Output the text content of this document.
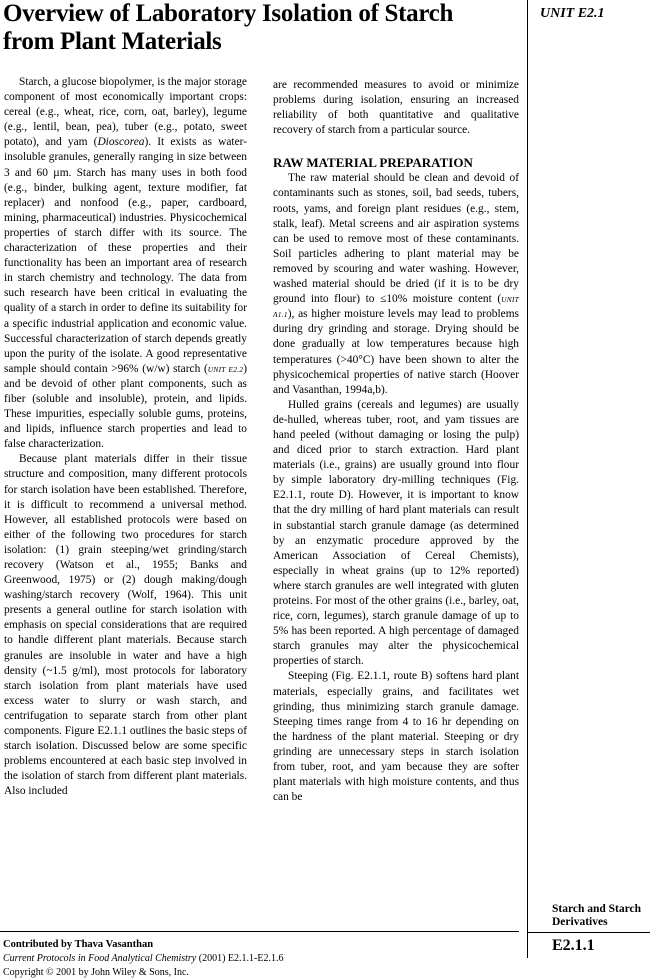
Overview of Laboratory Isolation of Starch from Plant Materials
UNIT E2.1

Starch, a glucose biopolymer, is the major storage component of most economically important crops: cereal (e.g., wheat, rice, corn, oat, barley), legume (e.g., lentil, bean, pea), tuber (e.g., potato, sweet potato), and yam (Dioscorea). It exists as water-insoluble granules, generally ranging in size between 3 and 60 µm. Starch has many uses in both food (e.g., binder, bulking agent, texture modifier, fat replacer) and nonfood (e.g., paper, cardboard, mining, pharmaceutical) industries. Physicochemical properties of starch differ with its source. The characterization of these properties and their functionality has been an important area of research in starch chemistry and technology. The data from such research have been critical in evaluating the quality of a starch in order to define its suitability for a specific industrial application and economic value. Successful characterization of starch depends greatly upon the purity of the isolate. A good representative sample should contain >96% (w/w) starch (UNIT E2.2) and be devoid of other plant components, such as fiber (soluble and insoluble), protein, and lipids. These impurities, especially soluble gums, proteins, and lipids, influence starch properties and lead to false characterization.

Because plant materials differ in their tissue structure and composition, many different protocols for starch isolation have been established. Therefore, it is difficult to recommend a universal method. However, all established protocols were based on either of the following two procedures for starch isolation: (1) grain steeping/wet grinding/starch recovery (Watson et al., 1955; Banks and Greenwood, 1975) or (2) dough making/dough washing/starch recovery (Wolf, 1964). This unit presents a general outline for starch isolation with emphasis on special considerations that are required to handle different plant materials. Because starch granules are insoluble in water and have a high density (~1.5 g/ml), most protocols for laboratory starch isolation from plant materials have used excess water to slurry or wash starch, and centrifugation to separate starch from other plant components. Figure E2.1.1 outlines the basic steps of starch isolation. Discussed below are some specific problems encountered at each basic step involved in the isolation of starch from different plant materials. Also included

are recommended measures to avoid or minimize problems during isolation, ensuring an increased reliability of both quantitative and qualitative recovery of starch from a particular source.

RAW MATERIAL PREPARATION

The raw material should be clean and devoid of contaminants such as stones, soil, bad seeds, tubers, roots, yams, and foreign plant residues (e.g., stem, stalk, leaf). Metal screens and air aspiration systems can be used to remove most of these contaminants. Soil particles adhering to plant material may be removed by scouring and water washing. However, washed material should be dried (if it is to be dry ground into flour) to ≤10% moisture content (UNIT A1.1), as higher moisture levels may lead to problems during dry grinding and storage. Drying should be done gradually at low temperatures because high temperatures (>40°C) have been shown to alter the physicochemical properties of native starch (Hoover and Vasanthan, 1994a,b).

Hulled grains (cereals and legumes) are usually de-hulled, whereas tuber, root, and yam tissues are hand peeled (without damaging or losing the pulp) and diced prior to starch extraction. Hard plant materials (i.e., grains) are usually ground into flour by simple laboratory dry-milling techniques (Fig. E2.1.1, route D). However, it is important to know that the dry milling of hard plant materials can result in substantial starch granule damage (as determined by an enzymatic procedure approved by the American Association of Cereal Chemists), especially in wheat grains (up to 12% reported) where starch granules are well integrated with gluten proteins. For most of the other grains (i.e., barley, oat, rice, corn, legumes), starch granule damage of up to 5% has been reported. A high percentage of damaged starch granules may alter the physicochemical properties of starch.

Steeping (Fig. E2.1.1, route B) softens hard plant materials, especially grains, and facilitates wet grinding, thus minimizing starch granule damage. Steeping times range from 4 to 16 hr depending on the hardness of the plant material. Steeping or dry grinding are unnecessary steps in starch isolation from tuber, root, and yam because they are softer plant materials with high moisture contents, and thus can be

Starch and Starch Derivatives
E2.1.1
Contributed by Thava Vasanthan
Current Protocols in Food Analytical Chemistry (2001) E2.1.1-E2.1.6
Copyright © 2001 by John Wiley & Sons, Inc.
